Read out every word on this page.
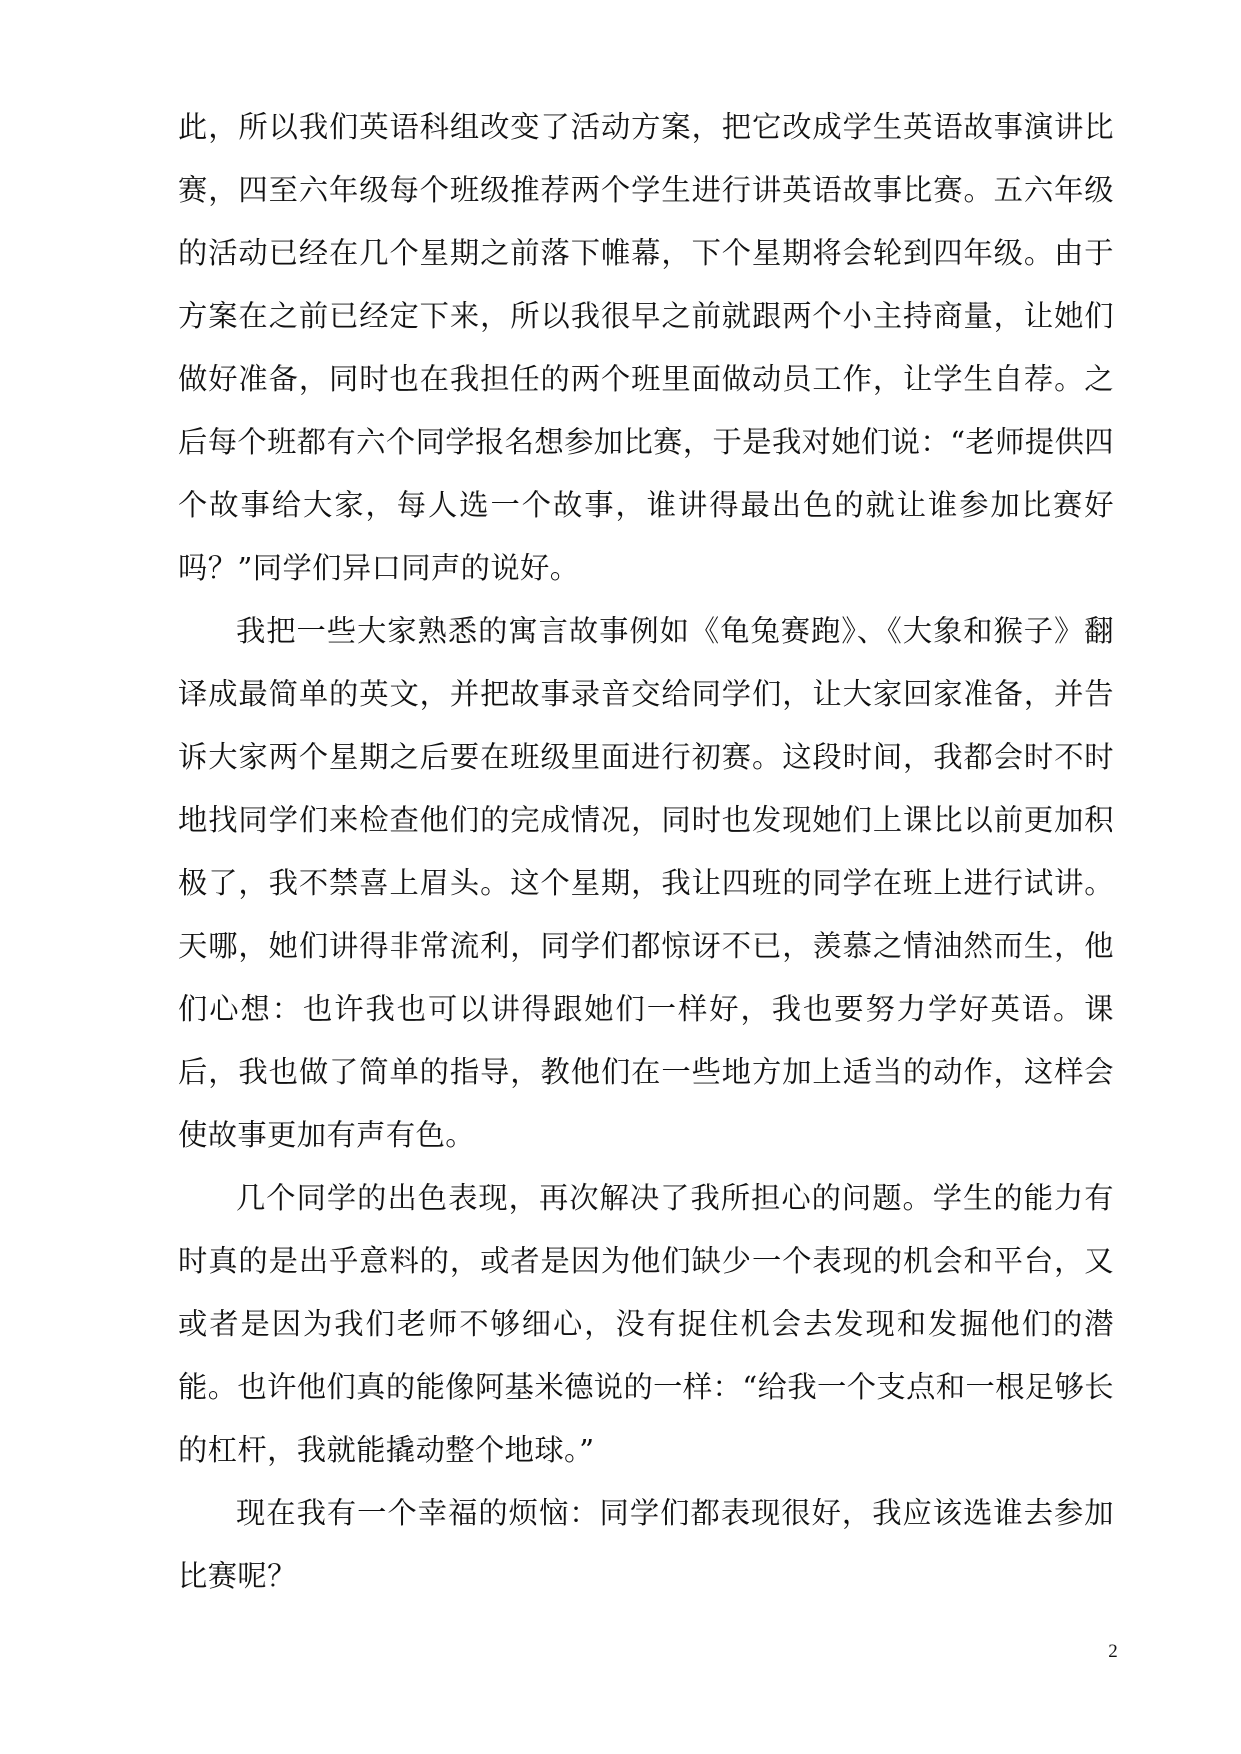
此，所以我们英语科组改变了活动方案，把它改成学生英语故事演讲比赛，四至六年级每个班级推荐两个学生进行讲英语故事比赛。五六年级的活动已经在几个星期之前落下帷幕，下个星期将会轮到四年级。由于方案在之前已经定下来，所以我很早之前就跟两个小主持商量，让她们做好准备，同时也在我担任的两个班里面做动员工作，让学生自荐。之后每个班都有六个同学报名想参加比赛，于是我对她们说：“老师提供四个故事给大家，每人选一个故事，谁讲得最出色的就让谁参加比赛好吗？”同学们异口同声的说好。

我把一些大家熟悉的寓言故事例如《龟兔赛跑》、《大象和猴子》翻译成最简单的英文，并把故事录音交给同学们，让大家回家准备，并告诉大家两个星期之后要在班级里面进行初赛。这段时间，我都会时不时地找同学们来检查他们的完成情况，同时也发现她们上课比以前更加积极了，我不禁喜上眉头。这个星期，我让四班的同学在班上进行试讲。天哪，她们讲得非常流利，同学们都惊讶不已，羡慕之情油然而生，他们心想：也许我也可以讲得跟她们一样好，我也要努力学好英语。课后，我也做了简单的指导，教他们在一些地方加上适当的动作，这样会使故事更加有声有色。

几个同学的出色表现，再次解决了我所担心的问题。学生的能力有时真的是出乎意料的，或者是因为他们缺少一个表现的机会和平台，又或者是因为我们老师不够细心，没有捉住机会去发现和发掘他们的潜能。也许他们真的能像阿基米德说的一样：“给我一个支点和一根足够长的杠杆，我就能撬动整个地球。”

现在我有一个幸福的烦恼：同学们都表现很好，我应该选谁去参加比赛呢？

2
